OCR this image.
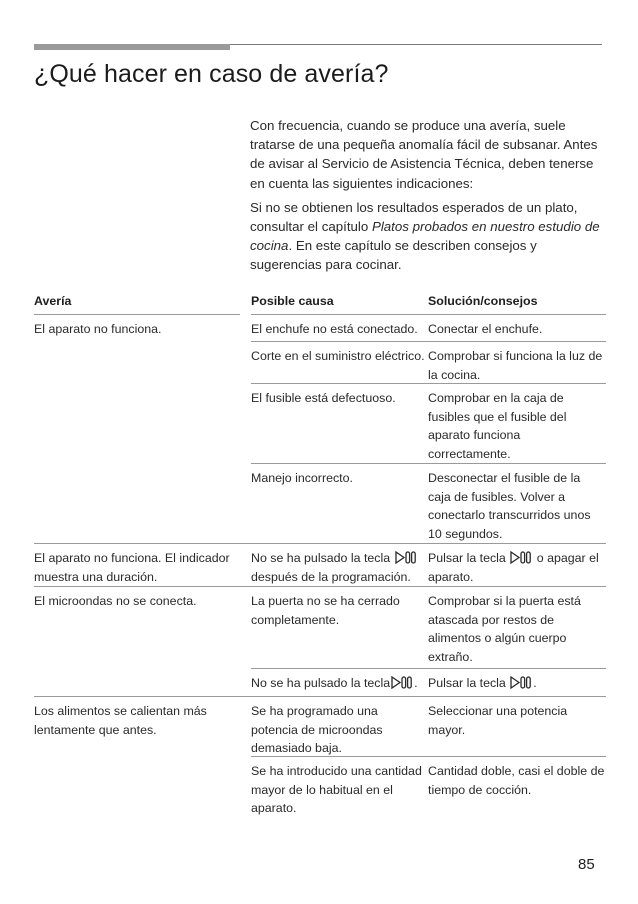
¿Qué hacer en caso de avería?

Con frecuencia, cuando se produce una avería, suele tratarse de una pequeña anomalía fácil de subsanar. Antes de avisar al Servicio de Asistencia Técnica, deben tenerse en cuenta las siguientes indicaciones:

Si no se obtienen los resultados esperados de un plato, consultar el capítulo Platos probados en nuestro estudio de cocina. En este capítulo se describen consejos y sugerencias para cocinar.

Avería	Posible causa	Solución/consejos
El aparato no funciona.
El aparato no funciona. El indicador muestra una duración.
El microondas no se conecta.
Los alimentos se calientan más lentamente que antes.
El enchufe no está conectado.
Corte en el suministro eléctrico.
El fusible está defectuoso.
Manejo incorrecto.
No se ha pulsado la tecla
después de la programación.
La puerta no se ha cerrado completamente.
No se ha pulsado la tecla .
Se ha programado una potencia de microondas demasiado baja.
Se ha introducido una cantidad mayor de lo habitual en el aparato.
Conectar el enchufe.
Comprobar si funciona la luz de la cocina.
Comprobar en la caja de fusibles que el fusible del aparato funciona correctamente.
Desconectar el fusible de la caja de fusibles. Volver a conectarlo transcurridos unos 10 segundos.
Pulsar la tecla o apagar el aparato.
Comprobar si la puerta está atascada por restos de alimentos o algún cuerpo extraño.
Pulsar la tecla .
Seleccionar una potencia mayor.
Cantidad doble, casi el doble de tiempo de cocción.
85
